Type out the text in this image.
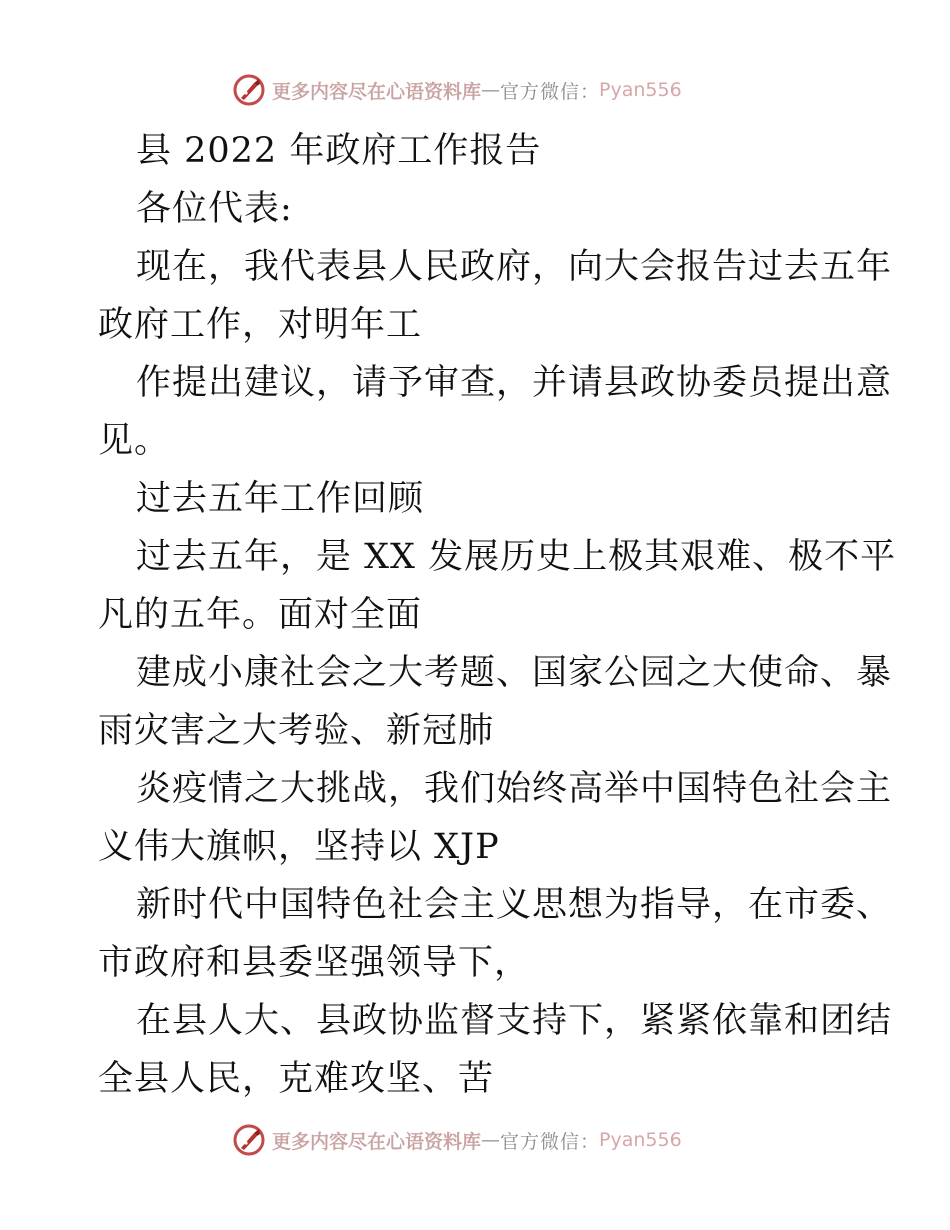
更多内容尽在心语资料库 — 官方微信 ： Pyan556
县 2022 年政府工作报告
各位代表:
现在，我代表县人民政府，向大会报告过去五年
政府工作，对明年工
作提出建议，请予审查，并请县政协委员提出意
见。
过去五年工作回顾
过去五年，是 XX 发展历史上极其艰难、极不平
凡的五年。面对全面
建成小康社会之大考题、国家公园之大使命、暴
雨灾害之大考验、新冠肺
炎疫情之大挑战，我们始终高举中国特色社会主
义伟大旗帜，坚持以 XJP
新时代中国特色社会主义思想为指导，在市委、
市政府和县委坚强领导下，
在县人大、县政协监督支持下，紧紧依靠和团结
全县人民，克难攻坚、苦
更多内容尽在心语资料库 — 官方微信 ： Pyan556
